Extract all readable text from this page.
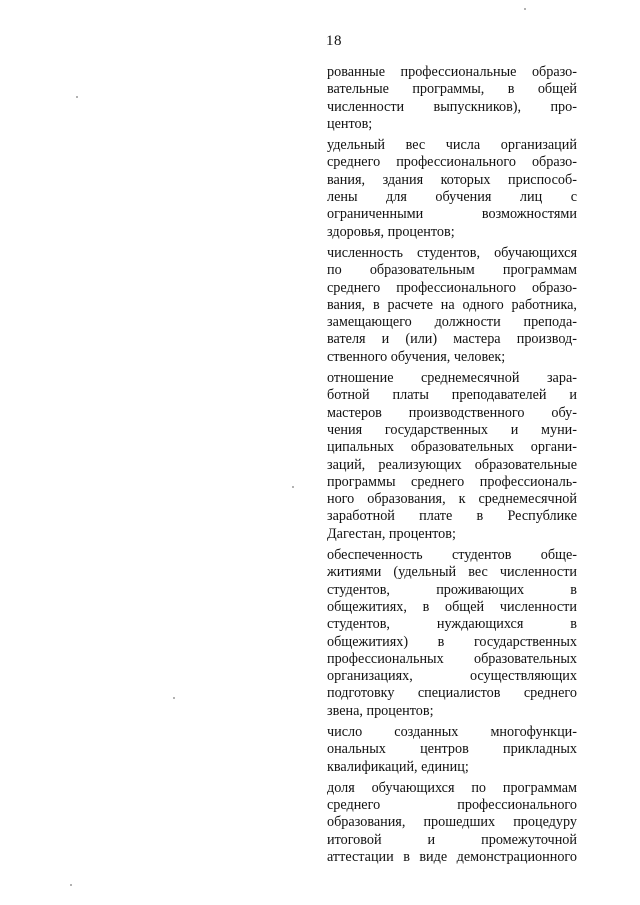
18
рованные профессиональные образо-
вательные программы, в общей
численности выпускников), про-
центов;
удельный вес числа организаций
среднего профессионального образо-
вания, здания которых приспособ-
лены для обучения лиц с
ограниченными	возможностями
здоровья, процентов;
численность студентов, обучающихся
по образовательным программам
среднего профессионального образо-
вания, в расчете на одного работника,
замещающего должности препода-
вателя и (или) мастера производ-
ственного обучения, человек;
отношение среднемесячной зара-
ботной платы преподавателей и
мастеров производственного обу-
чения государственных и муни-
ципальных образовательных органи-
заций, реализующих образовательные
программы среднего профессиональ-
ного образования, к среднемесячной
заработной плате в Республике
Дагестан, процентов;
обеспеченность студентов обще-
житиями (удельный вес численности
студентов,	проживающих	в
общежитиях, в общей численности
студентов,	нуждающихся	в
общежитиях) в государственных
профессиональных образовательных
организациях,	осуществляющих
подготовку специалистов среднего
звена, процентов;
число созданных многофункци-
ональных центров прикладных
квалификаций, единиц;
доля обучающихся по программам
среднего	профессионального
образования, прошедших процедуру
итоговой	и	промежуточной
аттестации в виде демонстрационного
